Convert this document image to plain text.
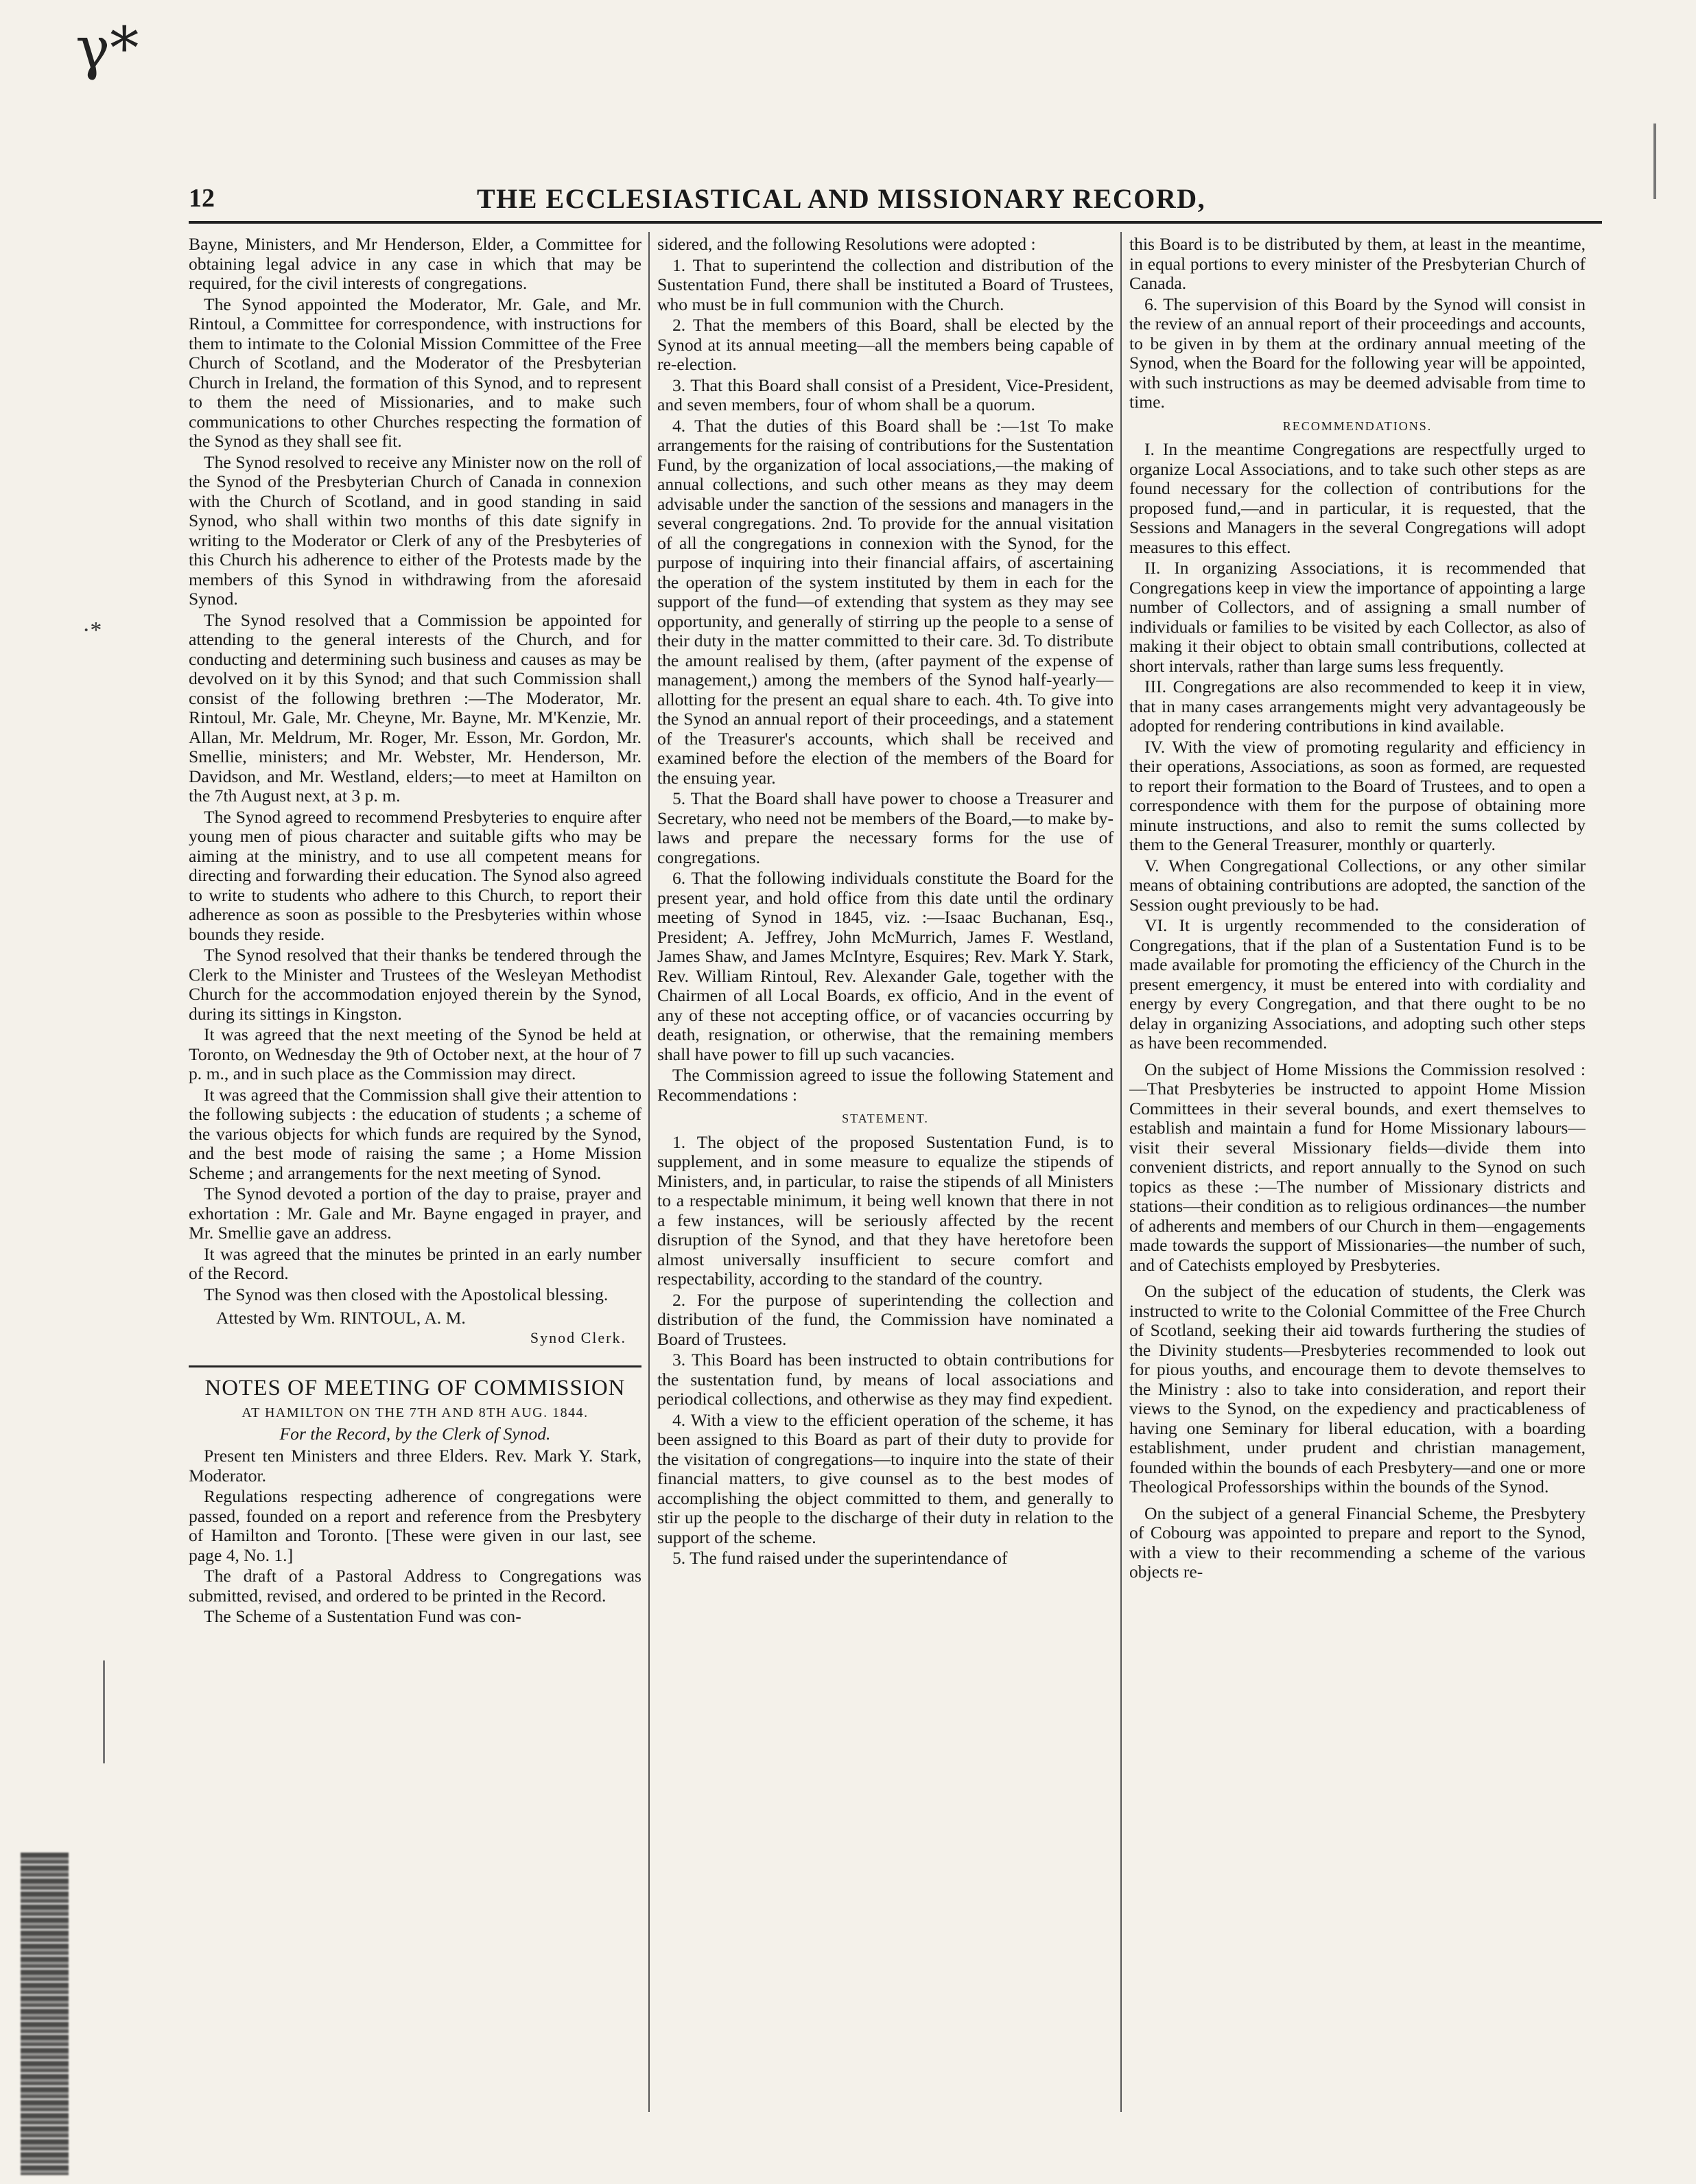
γ*
·*
12	THE ECCLESIASTICAL AND MISSIONARY RECORD,

Bayne, Ministers, and Mr Henderson, Elder, a Committee for obtaining legal advice in any case in which that may be required, for the civil interests of congregations.

The Synod appointed the Moderator, Mr. Gale, and Mr. Rintoul, a Committee for correspondence, with instructions for them to intimate to the Colonial Mission Committee of the Free Church of Scotland, and the Moderator of the Presbyterian Church in Ireland, the formation of this Synod, and to represent to them the need of Missionaries, and to make such communications to other Churches respecting the formation of the Synod as they shall see fit.

The Synod resolved to receive any Minister now on the roll of the Synod of the Presbyterian Church of Canada in connexion with the Church of Scotland, and in good standing in said Synod, who shall within two months of this date signify in writing to the Moderator or Clerk of any of the Presbyteries of this Church his adherence to either of the Protests made by the members of this Synod in withdrawing from the aforesaid Synod.

The Synod resolved that a Commission be appointed for attending to the general interests of the Church, and for conducting and determining such business and causes as may be devolved on it by this Synod; and that such Commission shall consist of the following brethren :—The Moderator, Mr. Rintoul, Mr. Gale, Mr. Cheyne, Mr. Bayne, Mr. M'Kenzie, Mr. Allan, Mr. Meldrum, Mr. Roger, Mr. Esson, Mr. Gordon, Mr. Smellie, ministers; and Mr. Webster, Mr. Henderson, Mr. Davidson, and Mr. Westland, elders;—to meet at Hamilton on the 7th August next, at 3 p. m.

The Synod agreed to recommend Presbyteries to enquire after young men of pious character and suitable gifts who may be aiming at the ministry, and to use all competent means for directing and forwarding their education. The Synod also agreed to write to students who adhere to this Church, to report their adherence as soon as possible to the Presbyteries within whose bounds they reside.

The Synod resolved that their thanks be tendered through the Clerk to the Minister and Trustees of the Wesleyan Methodist Church for the accommodation enjoyed therein by the Synod, during its sittings in Kingston.

It was agreed that the next meeting of the Synod be held at Toronto, on Wednesday the 9th of October next, at the hour of 7 p. m., and in such place as the Commission may direct.

It was agreed that the Commission shall give their attention to the following subjects : the education of students ; a scheme of the various objects for which funds are required by the Synod, and the best mode of raising the same ; a Home Mission Scheme ; and arrangements for the next meeting of Synod.

The Synod devoted a portion of the day to praise, prayer and exhortation : Mr. Gale and Mr. Bayne engaged in prayer, and Mr. Smellie gave an address.

It was agreed that the minutes be printed in an early number of the Record.

The Synod was then closed with the Apostolical blessing.

Attested by Wm. RINTOUL, A. M.

Synod Clerk.

NOTES OF MEETING OF COMMISSION
AT HAMILTON ON THE 7TH AND 8TH AUG. 1844.
For the Record, by the Clerk of Synod.

Present ten Ministers and three Elders. Rev. Mark Y. Stark, Moderator.

Regulations respecting adherence of congregations were passed, founded on a report and reference from the Presbytery of Hamilton and Toronto. [These were given in our last, see page 4, No. 1.]

The draft of a Pastoral Address to Congregations was submitted, revised, and ordered to be printed in the Record.

The Scheme of a Sustentation Fund was con-

sidered, and the following Resolutions were adopted :

1. That to superintend the collection and distribution of the Sustentation Fund, there shall be instituted a Board of Trustees, who must be in full communion with the Church.

2. That the members of this Board, shall be elected by the Synod at its annual meeting—all the members being capable of re-election.

3. That this Board shall consist of a President, Vice-President, and seven members, four of whom shall be a quorum.

4. That the duties of this Board shall be :—1st To make arrangements for the raising of contributions for the Sustentation Fund, by the organization of local associations,—the making of annual collections, and such other means as they may deem advisable under the sanction of the sessions and managers in the several congregations. 2nd. To provide for the annual visitation of all the congregations in connexion with the Synod, for the purpose of inquiring into their financial affairs, of ascertaining the operation of the system instituted by them in each for the support of the fund—of extending that system as they may see opportunity, and generally of stirring up the people to a sense of their duty in the matter committed to their care. 3d. To distribute the amount realised by them, (after payment of the expense of management,) among the members of the Synod half-yearly—allotting for the present an equal share to each. 4th. To give into the Synod an annual report of their proceedings, and a statement of the Treasurer's accounts, which shall be received and examined before the election of the members of the Board for the ensuing year.

5. That the Board shall have power to choose a Treasurer and Secretary, who need not be members of the Board,—to make by-laws and prepare the necessary forms for the use of congregations.

6. That the following individuals constitute the Board for the present year, and hold office from this date until the ordinary meeting of Synod in 1845, viz. :—Isaac Buchanan, Esq., President; A. Jeffrey, John McMurrich, James F. Westland, James Shaw, and James McIntyre, Esquires; Rev. Mark Y. Stark, Rev. William Rintoul, Rev. Alexander Gale, together with the Chairmen of all Local Boards, ex officio, And in the event of any of these not accepting office, or of vacancies occurring by death, resignation, or otherwise, that the remaining members shall have power to fill up such vacancies.

The Commission agreed to issue the following Statement and Recommendations :

STATEMENT.

1. The object of the proposed Sustentation Fund, is to supplement, and in some measure to equalize the stipends of Ministers, and, in particular, to raise the stipends of all Ministers to a respectable minimum, it being well known that there in not a few instances, will be seriously affected by the recent disruption of the Synod, and that they have heretofore been almost universally insufficient to secure comfort and respectability, according to the standard of the country.

2. For the purpose of superintending the collection and distribution of the fund, the Commission have nominated a Board of Trustees.

3. This Board has been instructed to obtain contributions for the sustentation fund, by means of local associations and periodical collections, and otherwise as they may find expedient.

4. With a view to the efficient operation of the scheme, it has been assigned to this Board as part of their duty to provide for the visitation of congregations—to inquire into the state of their financial matters, to give counsel as to the best modes of accomplishing the object committed to them, and generally to stir up the people to the discharge of their duty in relation to the support of the scheme.

5. The fund raised under the superintendance of

this Board is to be distributed by them, at least in the meantime, in equal portions to every minister of the Presbyterian Church of Canada.

6. The supervision of this Board by the Synod will consist in the review of an annual report of their proceedings and accounts, to be given in by them at the ordinary annual meeting of the Synod, when the Board for the following year will be appointed, with such instructions as may be deemed advisable from time to time.

RECOMMENDATIONS.

I. In the meantime Congregations are respectfully urged to organize Local Associations, and to take such other steps as are found necessary for the collection of contributions for the proposed fund,—and in particular, it is requested, that the Sessions and Managers in the several Congregations will adopt measures to this effect.

II. In organizing Associations, it is recommended that Congregations keep in view the importance of appointing a large number of Collectors, and of assigning a small number of individuals or families to be visited by each Collector, as also of making it their object to obtain small contributions, collected at short intervals, rather than large sums less frequently.

III. Congregations are also recommended to keep it in view, that in many cases arrangements might very advantageously be adopted for rendering contributions in kind available.

IV. With the view of promoting regularity and efficiency in their operations, Associations, as soon as formed, are requested to report their formation to the Board of Trustees, and to open a correspondence with them for the purpose of obtaining more minute instructions, and also to remit the sums collected by them to the General Treasurer, monthly or quarterly.

V. When Congregational Collections, or any other similar means of obtaining contributions are adopted, the sanction of the Session ought previously to be had.

VI. It is urgently recommended to the consideration of Congregations, that if the plan of a Sustentation Fund is to be made available for promoting the efficiency of the Church in the present emergency, it must be entered into with cordiality and energy by every Congregation, and that there ought to be no delay in organizing Associations, and adopting such other steps as have been recommended.

On the subject of Home Missions the Commission resolved :—That Presbyteries be instructed to appoint Home Mission Committees in their several bounds, and exert themselves to establish and maintain a fund for Home Missionary labours—visit their several Missionary fields—divide them into convenient districts, and report annually to the Synod on such topics as these :—The number of Missionary districts and stations—their condition as to religious ordinances—the number of adherents and members of our Church in them—engagements made towards the support of Missionaries—the number of such, and of Catechists employed by Presbyteries.

On the subject of the education of students, the Clerk was instructed to write to the Colonial Committee of the Free Church of Scotland, seeking their aid towards furthering the studies of the Divinity students—Presbyteries recommended to look out for pious youths, and encourage them to devote themselves to the Ministry : also to take into consideration, and report their views to the Synod, on the expediency and practicableness of having one Seminary for liberal education, with a boarding establishment, under prudent and christian management, founded within the bounds of each Presbytery—and one or more Theological Professorships within the bounds of the Synod.

On the subject of a general Financial Scheme, the Presbytery of Cobourg was appointed to prepare and report to the Synod, with a view to their recommending a scheme of the various objects re-
